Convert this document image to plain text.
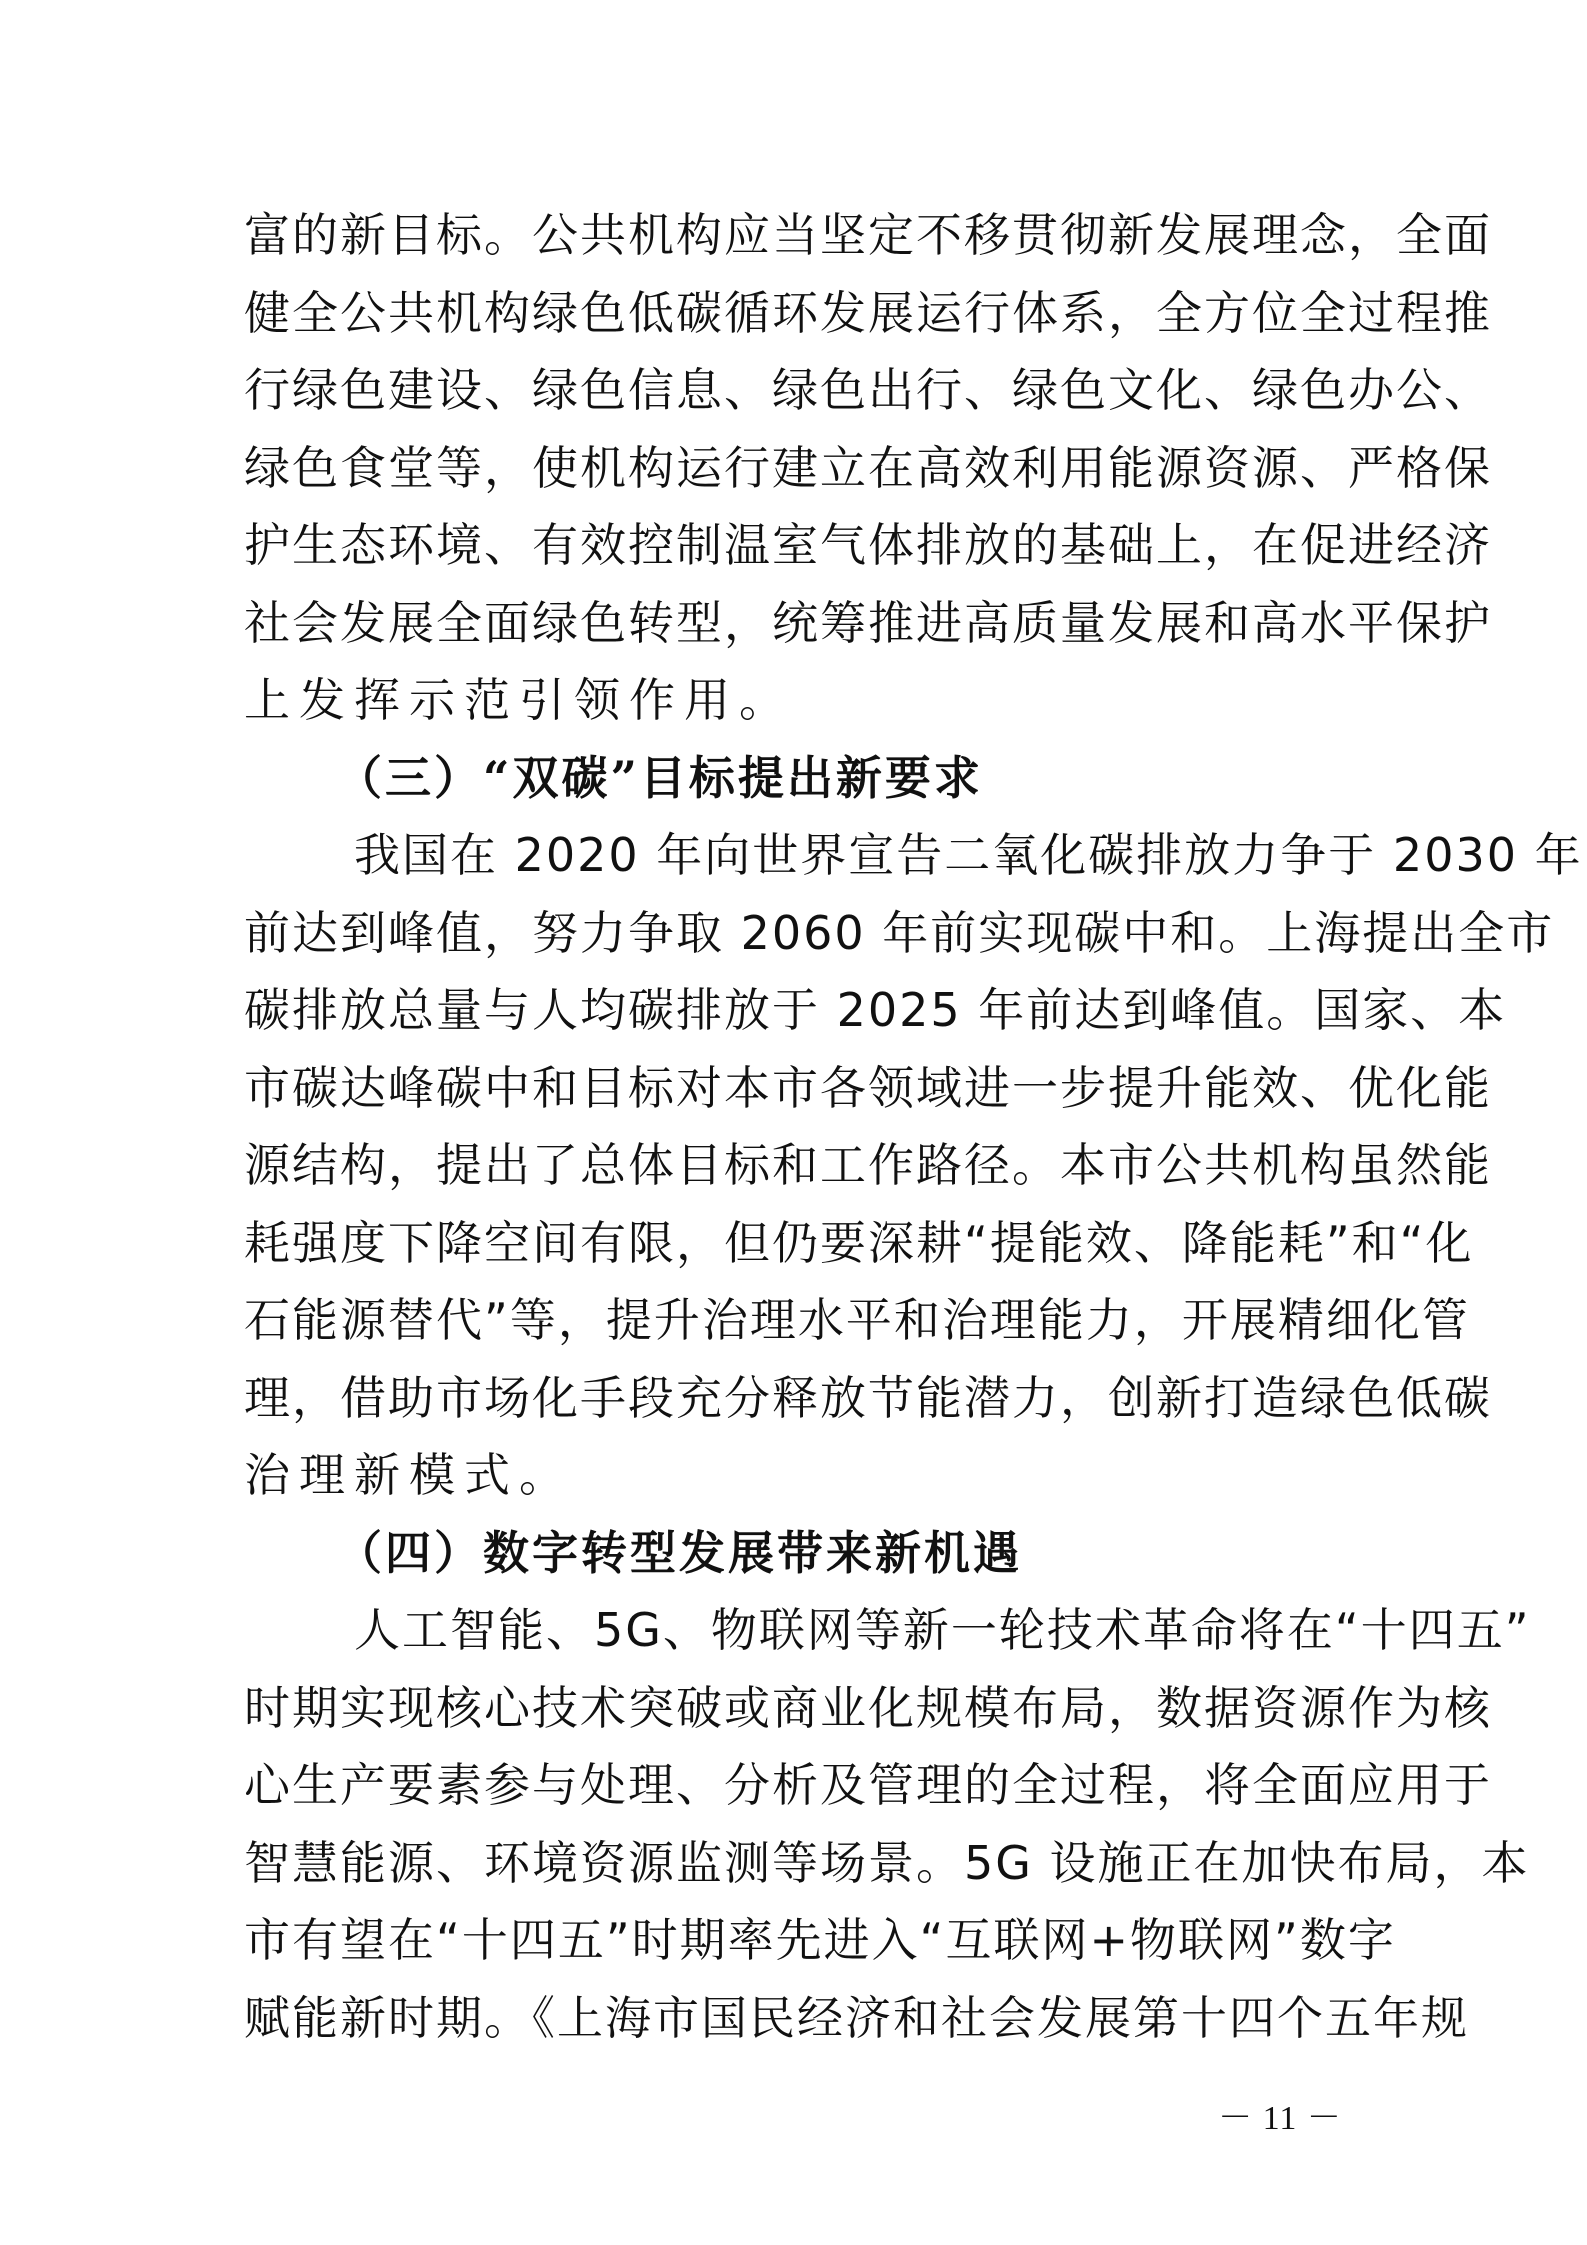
富的新目标。公共机构应当坚定不移贯彻新发展理念，全面
健全公共机构绿色低碳循环发展运行体系，全方位全过程推
行绿色建设、绿色信息、绿色出行、绿色文化、绿色办公、
绿色食堂等，使机构运行建立在高效利用能源资源、严格保
护生态环境、有效控制温室气体排放的基础上，在促进经济
社会发展全面绿色转型，统筹推进高质量发展和高水平保护
上发挥示范引领作用。
（三）“双碳”目标提出新要求
我国在 2020 年向世界宣告二氧化碳排放力争于 2030 年
前达到峰值，努力争取 2060 年前实现碳中和。上海提出全市
碳排放总量与人均碳排放于 2025 年前达到峰值。国家、本
市碳达峰碳中和目标对本市各领域进一步提升能效、优化能
源结构，提出了总体目标和工作路径。本市公共机构虽然能
耗强度下降空间有限，但仍要深耕“提能效、降能耗”和“化
石能源替代”等，提升治理水平和治理能力，开展精细化管
理，借助市场化手段充分释放节能潜力，创新打造绿色低碳
治理新模式。
（四）数字转型发展带来新机遇
人工智能、5G、物联网等新一轮技术革命将在“十四五”
时期实现核心技术突破或商业化规模布局，数据资源作为核
心生产要素参与处理、分析及管理的全过程，将全面应用于
智慧能源、环境资源监测等场景。5G 设施正在加快布局，本
市有望在“十四五”时期率先进入“互联网+物联网”数字
赋能新时期。《上海市国民经济和社会发展第十四个五年规
－ 11 －
